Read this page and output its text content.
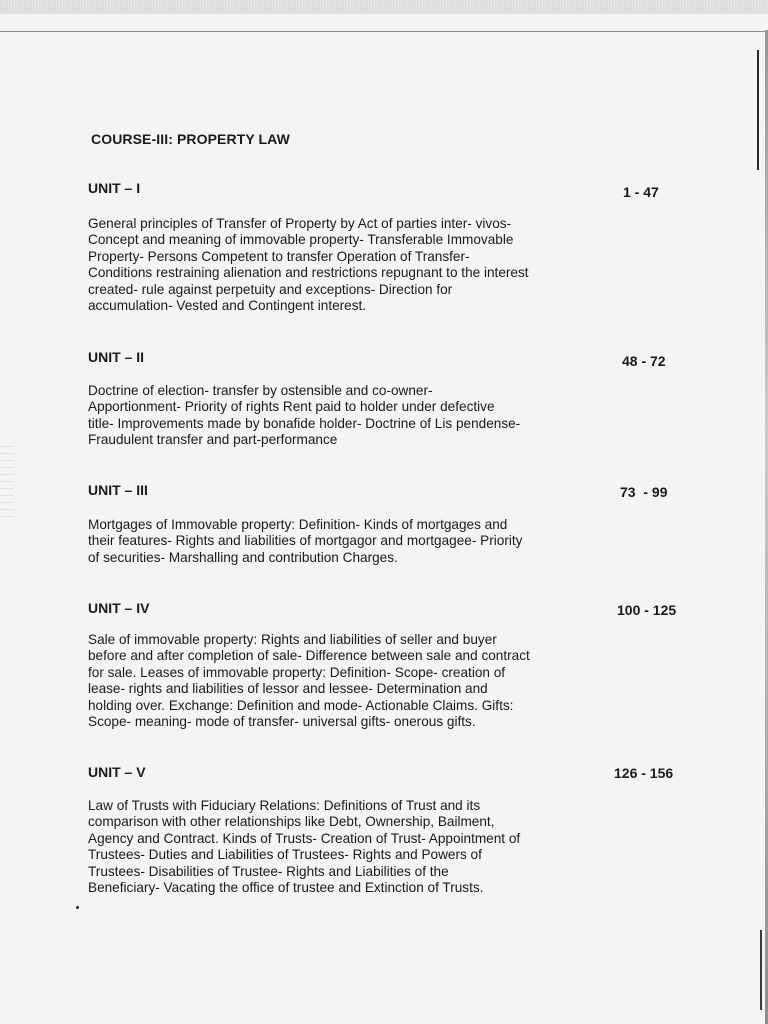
COURSE-III: PROPERTY LAW
UNIT – I	1 - 47
General principles of Transfer of Property by Act of parties inter- vivos-
Concept and meaning of immovable property- Transferable Immovable
Property- Persons Competent to transfer Operation of Transfer-
Conditions restraining alienation and restrictions repugnant to the interest
created- rule against perpetuity and exceptions- Direction for
accumulation- Vested and Contingent interest.
UNIT – II	48 - 72
Doctrine of election- transfer by ostensible and co-owner-
Apportionment- Priority of rights Rent paid to holder under defective
title- Improvements made by bonafide holder- Doctrine of Lis pendense-
Fraudulent transfer and part-performance
UNIT – III	73  - 99
Mortgages of Immovable property: Definition- Kinds of mortgages and
their features- Rights and liabilities of mortgagor and mortgagee- Priority
of securities- Marshalling and contribution Charges.
UNIT – IV	100 - 125
Sale of immovable property: Rights and liabilities of seller and buyer
before and after completion of sale- Difference between sale and contract
for sale. Leases of immovable property: Definition- Scope- creation of
lease- rights and liabilities of lessor and lessee- Determination and
holding over. Exchange: Definition and mode- Actionable Claims. Gifts:
Scope- meaning- mode of transfer- universal gifts- onerous gifts.
UNIT – V	126 - 156
Law of Trusts with Fiduciary Relations: Definitions of Trust and its
comparison with other relationships like Debt, Ownership, Bailment,
Agency and Contract. Kinds of Trusts- Creation of Trust- Appointment of
Trustees- Duties and Liabilities of Trustees- Rights and Powers of
Trustees- Disabilities of Trustee- Rights and Liabilities of the
Beneficiary- Vacating the office of trustee and Extinction of Trusts.
